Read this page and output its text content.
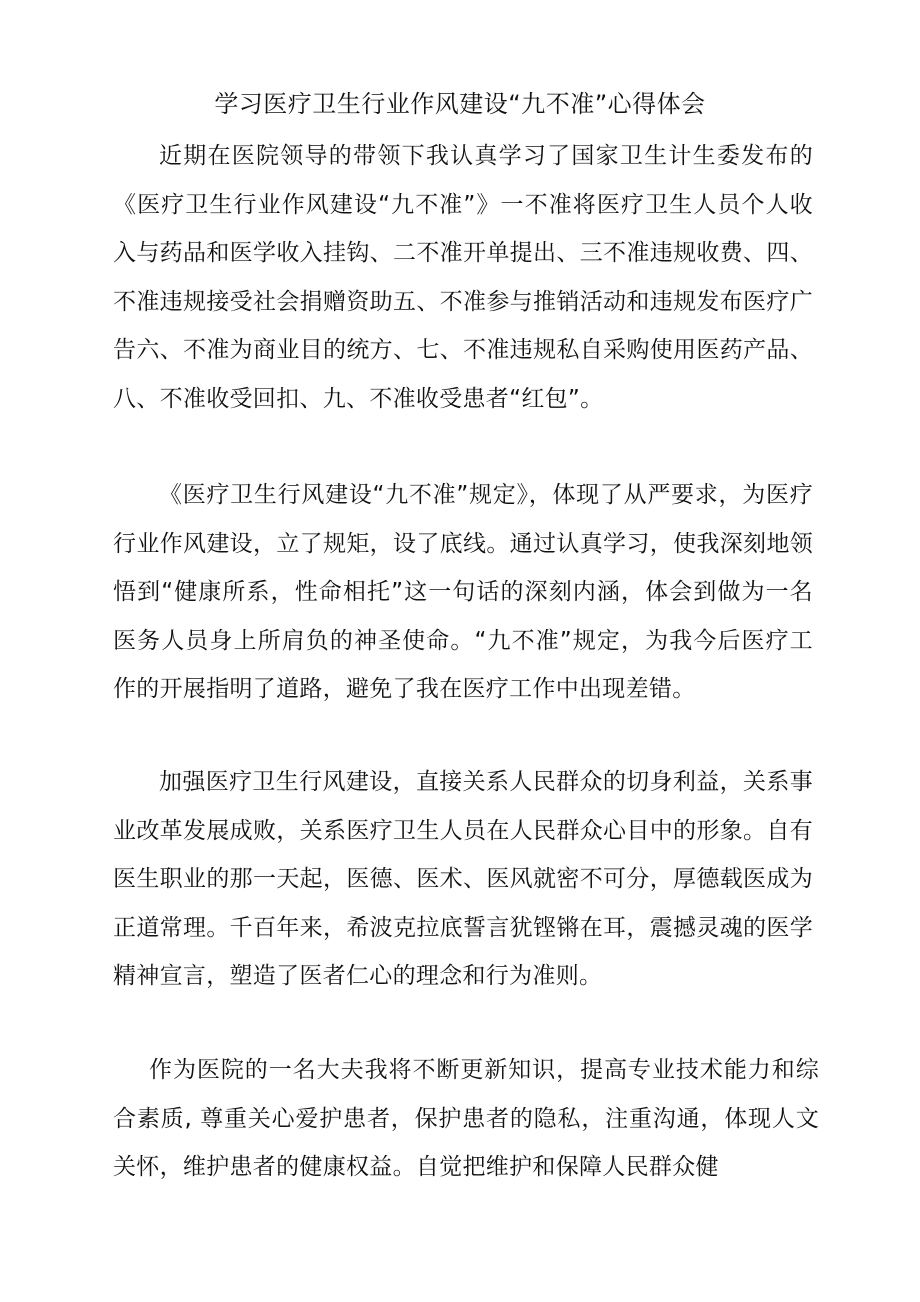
学习医疗卫生行业作风建设“九不准”心得体会

近期在医院领导的带领下我认真学习了国家卫生计生委发布的《医疗卫生行业作风建设“九不准”》一不准将医疗卫生人员个人收入与药品和医学收入挂钩、二不准开单提出、三不准违规收费、四、不准违规接受社会捐赠资助五、不准参与推销活动和违规发布医疗广告六、不准为商业目的统方、七、不准违规私自采购使用医药产品、八、不准收受回扣、九、不准收受患者“红包”。

《医疗卫生行风建设“九不准”规定》，体现了从严要求，为医疗行业作风建设，立了规矩，设了底线。通过认真学习，使我深刻地领悟到“健康所系，性命相托”这一句话的深刻内涵，体会到做为一名医务人员身上所肩负的神圣使命。“九不准”规定，为我今后医疗工作的开展指明了道路，避免了我在医疗工作中出现差错。

加强医疗卫生行风建设，直接关系人民群众的切身利益，关系事业改革发展成败，关系医疗卫生人员在人民群众心目中的形象。自有医生职业的那一天起，医德、医术、医风就密不可分，厚德载医成为正道常理。千百年来，希波克拉底誓言犹铿锵在耳，震撼灵魂的医学精神宣言，塑造了医者仁心的理念和行为准则。

作为医院的一名大夫我将不断更新知识，提高专业技术能力和综合素质, 尊重关心爱护患者，保护患者的隐私，注重沟通，体现人文关怀，维护患者的健康权益。自觉把维护和保障人民群众健
